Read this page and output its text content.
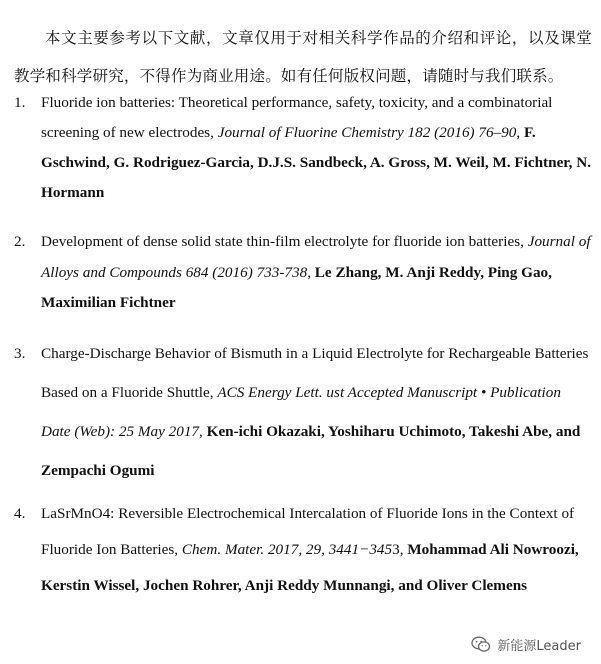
本文主要参考以下文献，文章仅用于对相关科学作品的介绍和评论，以及课堂教学和科学研究，不得作为商业用途。如有任何版权问题，请随时与我们联系。

1. Fluoride ion batteries: Theoretical performance, safety, toxicity, and a combinatorial screening of new electrodes, Journal of Fluorine Chemistry 182 (2016) 76–90, F. Gschwind, G. Rodriguez-Garcia, D.J.S. Sandbeck, A. Gross, M. Weil, M. Fichtner, N. Hormann
2. Development of dense solid state thin-film electrolyte for fluoride ion batteries, Journal of Alloys and Compounds 684 (2016) 733-738, Le Zhang, M. Anji Reddy, Ping Gao, Maximilian Fichtner
3. Charge-Discharge Behavior of Bismuth in a Liquid Electrolyte for Rechargeable Batteries Based on a Fluoride Shuttle, ACS Energy Lett. ust Accepted Manuscript • Publication Date (Web): 25 May 2017, Ken-ichi Okazaki, Yoshiharu Uchimoto, Takeshi Abe, and Zempachi Ogumi
4. LaSrMnO4: Reversible Electrochemical Intercalation of Fluoride Ions in the Context of Fluoride Ion Batteries, Chem. Mater. 2017, 29, 3441−3453, Mohammad Ali Nowroozi, Kerstin Wissel, Jochen Rohrer, Anji Reddy Munnangi, and Oliver Clemens
新能源Leader
